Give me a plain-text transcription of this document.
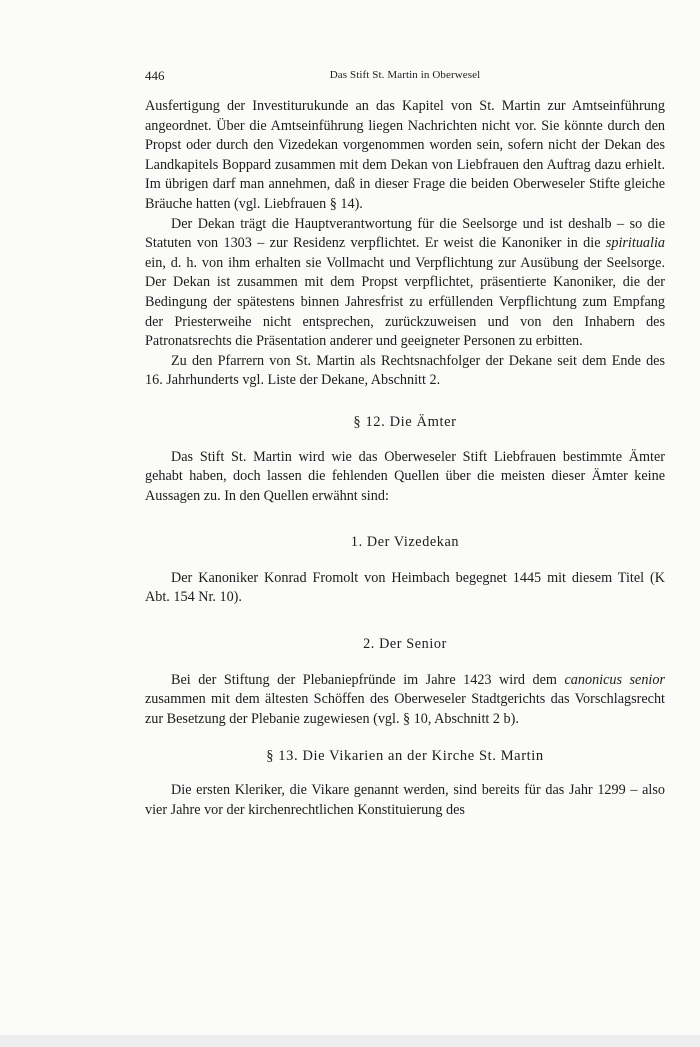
446	Das Stift St. Martin in Oberwesel

Ausfertigung der Investiturukunde an das Kapitel von St. Martin zur Amtseinführung angeordnet. Über die Amtseinführung liegen Nachrichten nicht vor. Sie könnte durch den Propst oder durch den Vizedekan vorgenommen worden sein, sofern nicht der Dekan des Landkapitels Boppard zusammen mit dem Dekan von Liebfrauen den Auftrag dazu erhielt. Im übrigen darf man annehmen, daß in dieser Frage die beiden Oberweseler Stifte gleiche Bräuche hatten (vgl. Liebfrauen § 14).

Der Dekan trägt die Hauptverantwortung für die Seelsorge und ist deshalb – so die Statuten von 1303 – zur Residenz verpflichtet. Er weist die Kanoniker in die spiritualia ein, d. h. von ihm erhalten sie Vollmacht und Verpflichtung zur Ausübung der Seelsorge. Der Dekan ist zusammen mit dem Propst verpflichtet, präsentierte Kanoniker, die der Bedingung der spätestens binnen Jahresfrist zu erfüllenden Verpflichtung zum Empfang der Priesterweihe nicht entsprechen, zurückzuweisen und von den Inhabern des Patronatsrechts die Präsentation anderer und geeigneter Personen zu erbitten.

Zu den Pfarrern von St. Martin als Rechtsnachfolger der Dekane seit dem Ende des 16. Jahrhunderts vgl. Liste der Dekane, Abschnitt 2.

§ 12. Die Ämter

Das Stift St. Martin wird wie das Oberweseler Stift Liebfrauen bestimmte Ämter gehabt haben, doch lassen die fehlenden Quellen über die meisten dieser Ämter keine Aussagen zu. In den Quellen erwähnt sind:

1. Der Vizedekan

Der Kanoniker Konrad Fromolt von Heimbach begegnet 1445 mit diesem Titel (K Abt. 154 Nr. 10).

2. Der Senior

Bei der Stiftung der Plebaniepfründe im Jahre 1423 wird dem canonicus senior zusammen mit dem ältesten Schöffen des Oberweseler Stadtgerichts das Vorschlagsrecht zur Besetzung der Plebanie zugewiesen (vgl. § 10, Abschnitt 2 b).

§ 13. Die Vikarien an der Kirche St. Martin

Die ersten Kleriker, die Vikare genannt werden, sind bereits für das Jahr 1299 – also vier Jahre vor der kirchenrechtlichen Konstituierung des
